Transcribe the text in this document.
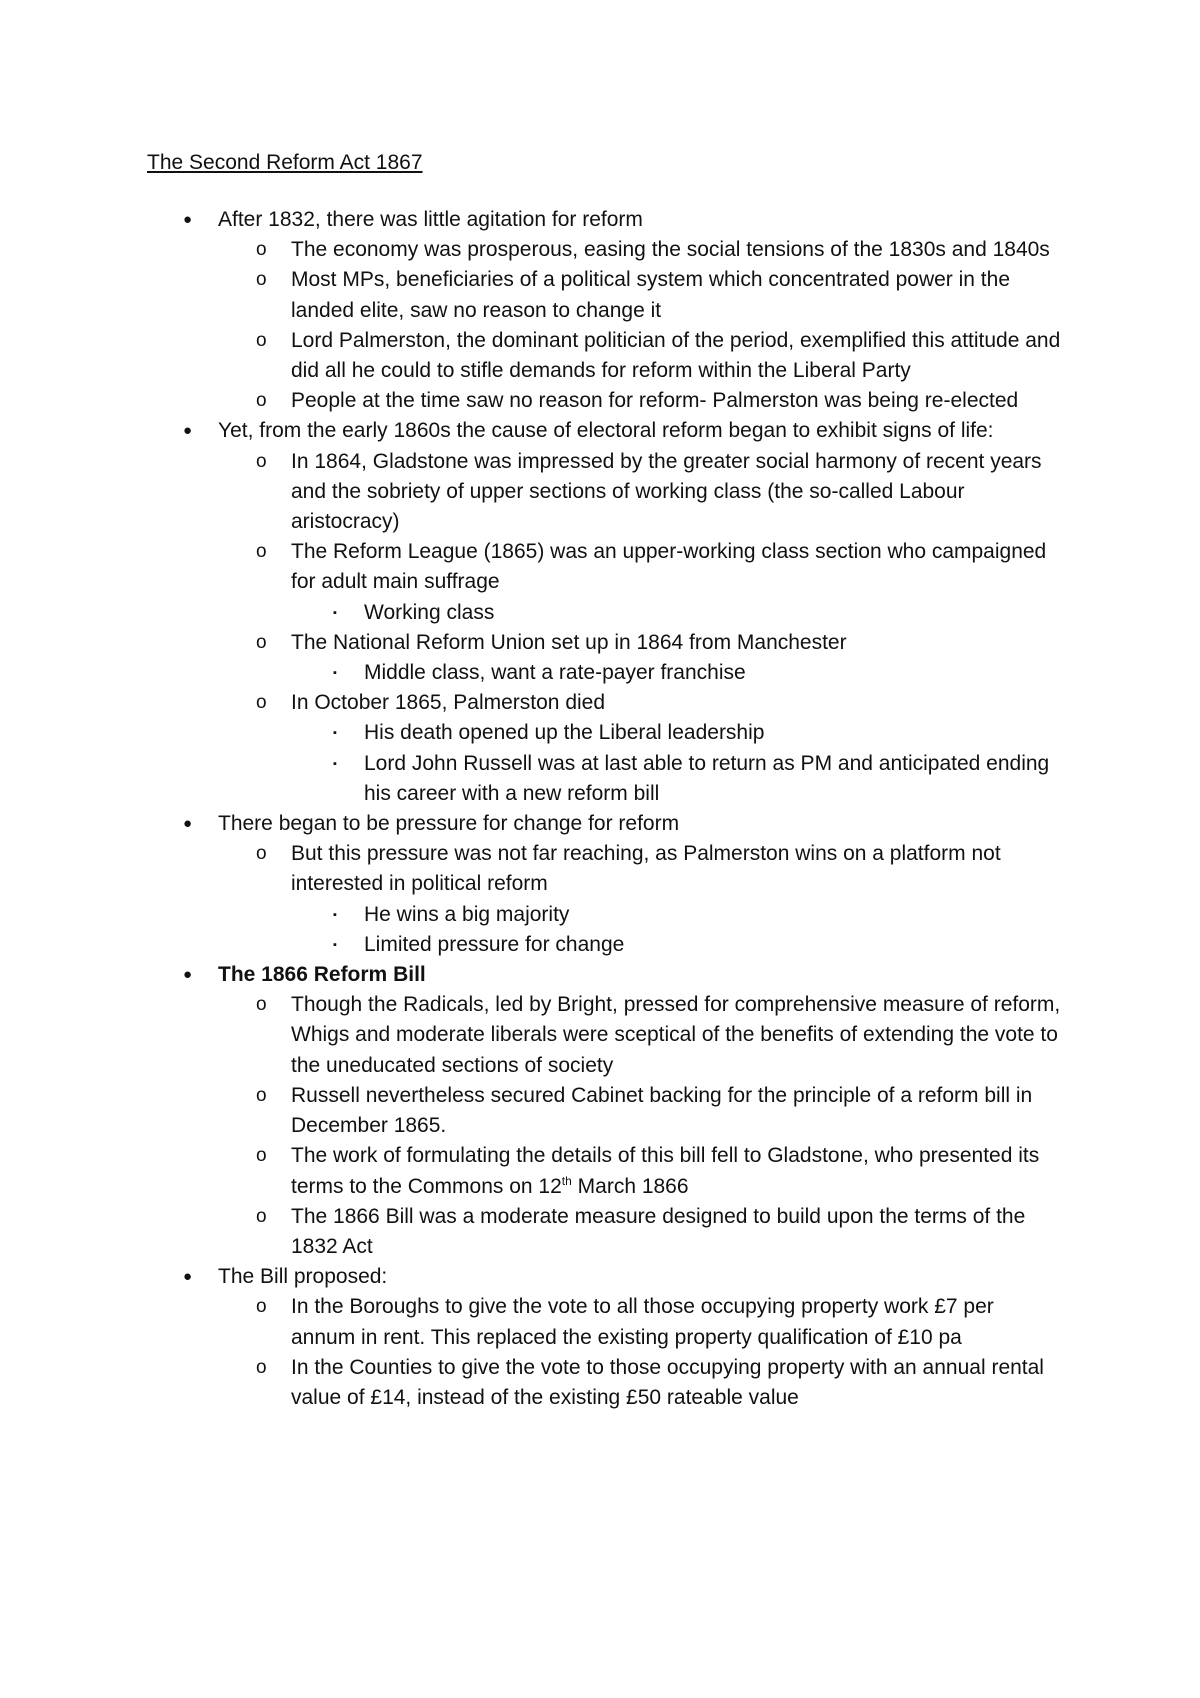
The Second Reform Act 1867

● After 1832, there was little agitation for reform

o The economy was prosperous, easing the social tensions of the 1830s and 1840s

o Most MPs, beneficiaries of a political system which concentrated power in the landed elite, saw no reason to change it

o Lord Palmerston, the dominant politician of the period, exemplified this attitude and did all he could to stifle demands for reform within the Liberal Party

o People at the time saw no reason for reform- Palmerston was being re-elected

● Yet, from the early 1860s the cause of electoral reform began to exhibit signs of life:

o In 1864, Gladstone was impressed by the greater social harmony of recent years and the sobriety of upper sections of working class (the so-called Labour aristocracy)

o The Reform League (1865) was an upper-working class section who campaigned for adult main suffrage

▪ Working class

o The National Reform Union set up in 1864 from Manchester

▪ Middle class, want a rate-payer franchise

o In October 1865, Palmerston died

▪ His death opened up the Liberal leadership

▪ Lord John Russell was at last able to return as PM and anticipated ending his career with a new reform bill

● There began to be pressure for change for reform

o But this pressure was not far reaching, as Palmerston wins on a platform not interested in political reform

▪ He wins a big majority

▪ Limited pressure for change

● The 1866 Reform Bill

o Though the Radicals, led by Bright, pressed for comprehensive measure of reform, Whigs and moderate liberals were sceptical of the benefits of extending the vote to the uneducated sections of society

o Russell nevertheless secured Cabinet backing for the principle of a reform bill in December 1865.

o The work of formulating the details of this bill fell to Gladstone, who presented its terms to the Commons on 12th March 1866

o The 1866 Bill was a moderate measure designed to build upon the terms of the 1832 Act

● The Bill proposed:

o In the Boroughs to give the vote to all those occupying property work £7 per annum in rent. This replaced the existing property qualification of £10 pa

o In the Counties to give the vote to those occupying property with an annual rental value of £14, instead of the existing £50 rateable value
